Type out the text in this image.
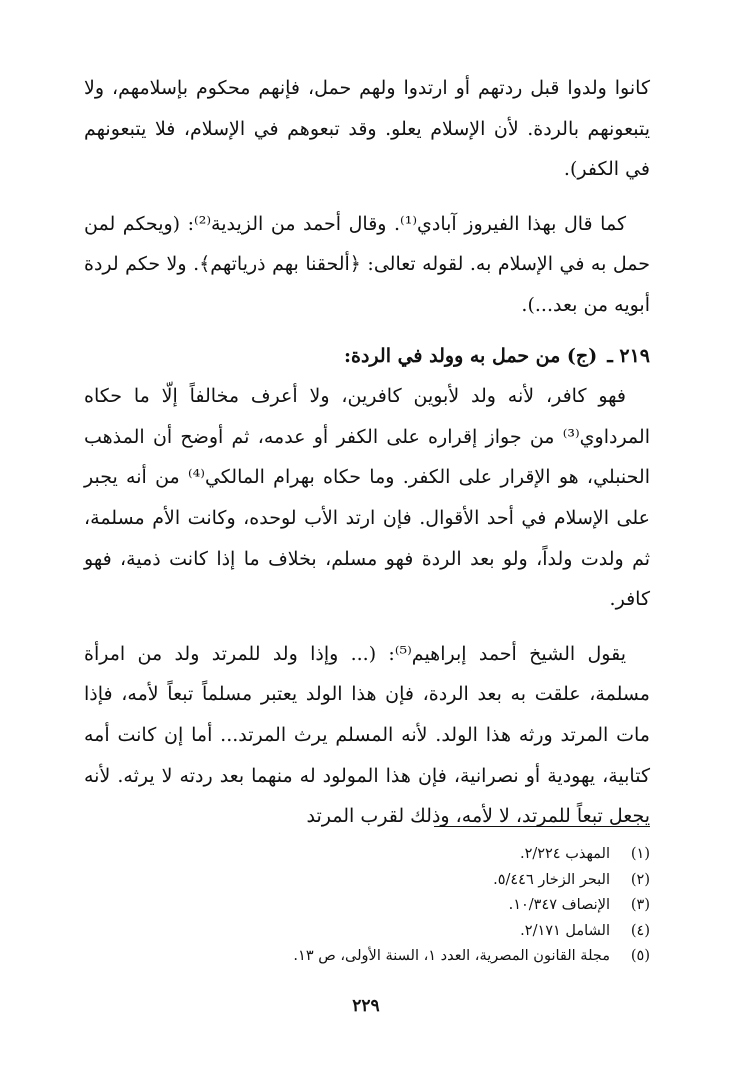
كانوا ولدوا قبل ردتهم أو ارتدوا ولهم حمل، فإنهم محكوم بإسلامهم، ولا يتبعونهم بالردة. لأن الإسلام يعلو. وقد تبعوهم في الإسلام، فلا يتبعونهم في الكفر).

كما قال بهذا الفيروز آبادي⁽¹⁾. وقال أحمد من الزيدية⁽²⁾: (ويحكم لمن حمل به في الإسلام به. لقوله تعالى: ﴿ألحقنا بهم ذرياتهم﴾. ولا حكم لردة أبويه من بعد...).

٢١٩ ـ(ج) من حمل به وولد في الردة:

فهو كافر، لأنه ولد لأبوين كافرين، ولا أعرف مخالفاً إلّا ما حكاه المرداوي⁽³⁾ من جواز إقراره على الكفر أو عدمه، ثم أوضح أن المذهب الحنبلي، هو الإقرار على الكفر. وما حكاه بهرام المالكي⁽⁴⁾ من أنه يجبر على الإسلام في أحد الأقوال. فإن ارتد الأب لوحده، وكانت الأم مسلمة، ثم ولدت ولداً، ولو بعد الردة فهو مسلم، بخلاف ما إذا كانت ذمية، فهو كافر.

يقول الشيخ أحمد إبراهيم⁽⁵⁾: (... وإذا ولد للمرتد ولد من امرأة مسلمة، علقت به بعد الردة، فإن هذا الولد يعتبر مسلماً تبعاً لأمه، فإذا مات المرتد ورثه هذا الولد. لأنه المسلم يرث المرتد... أما إن كانت أمه كتابية، يهودية أو نصرانية، فإن هذا المولود له منهما بعد ردته لا يرثه. لأنه يجعل تبعاً للمرتد، لا لأمه، وذلك لقرب المرتد

(١)المهذب ٢/٢٢٤.
(٢)البحر الزخار ٥/٤٤٦.
(٣)الإنصاف ١٠/٣٤٧.
(٤)الشامل ٢/١٧١.
(٥)مجلة القانون المصرية، العدد ١، السنة الأولى، ص ١٣.
٢٢٩
